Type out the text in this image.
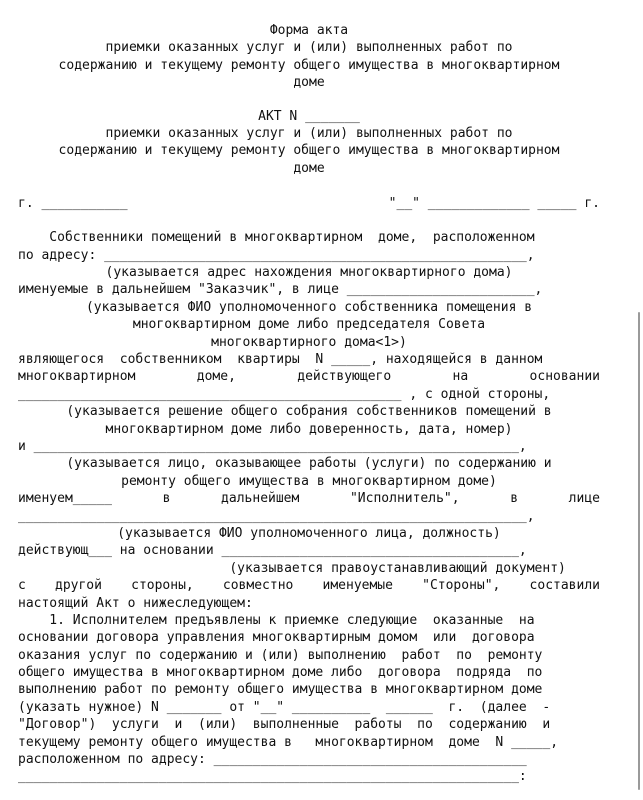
Форма акта
приемки оказанных услуг и (или) выполненных работ по
содержанию и текущему ремонту общего имущества в многоквартирном
доме
АКТ N _______
приемки оказанных услуг и (или) выполненных работ по
содержанию и текущему ремонту общего имущества в многоквартирном
доме
г. ___________	"__" _____________ _____ г.
Собственники помещений в многоквартирном  доме,  расположенном
по адресу: ______________________________________________________,
(указывается адрес нахождения многоквартирного дома)
именуемые в дальнейшем "Заказчик", в лице ________________________,
(указывается ФИО уполномоченного собственника помещения в
многоквартирном доме либо председателя Совета
многоквартирного дома<1>)
являющегося  собственником  квартиры  N _____, находящейся в данном
многоквартирном доме, действующего на основании
_________________________________________________ , с одной стороны,
(указывается решение общего собрания собственников помещений в
многоквартирном доме либо доверенность, дата, номер)
и ______________________________________________________________,
(указывается лицо, оказывающее работы (услуги) по содержанию и
ремонту общего имущества в многоквартирном доме)
именуем_____ в дальнейшем "Исполнитель", в лице
_________________________________________________________________,
(указывается ФИО уполномоченного лица, должность)
действующ___ на основании ______________________________________,
(указывается правоустанавливающий документ)
с другой стороны, совместно именуемые "Стороны", составили
настоящий Акт о нижеследующем:
1. Исполнителем предъявлены к приемке следующие  оказанные  на
основании договора управления многоквартирным домом  или  договора
оказания услуг по содержанию и (или) выполнению  работ  по  ремонту
общего имущества в многоквартирном доме либо  договора  подряда  по
выполнению работ по ремонту общего имущества в многоквартирном доме
(указать нужное) N _______ от "__" __________  ______  г.  (далее  -
"Договор")  услуги  и  (или)  выполненные  работы  по  содержанию  и
текущему ремонту общего имущества в   многоквартирном  доме  N _____,
расположенном по адресу: ________________________________________
________________________________________________________________:
